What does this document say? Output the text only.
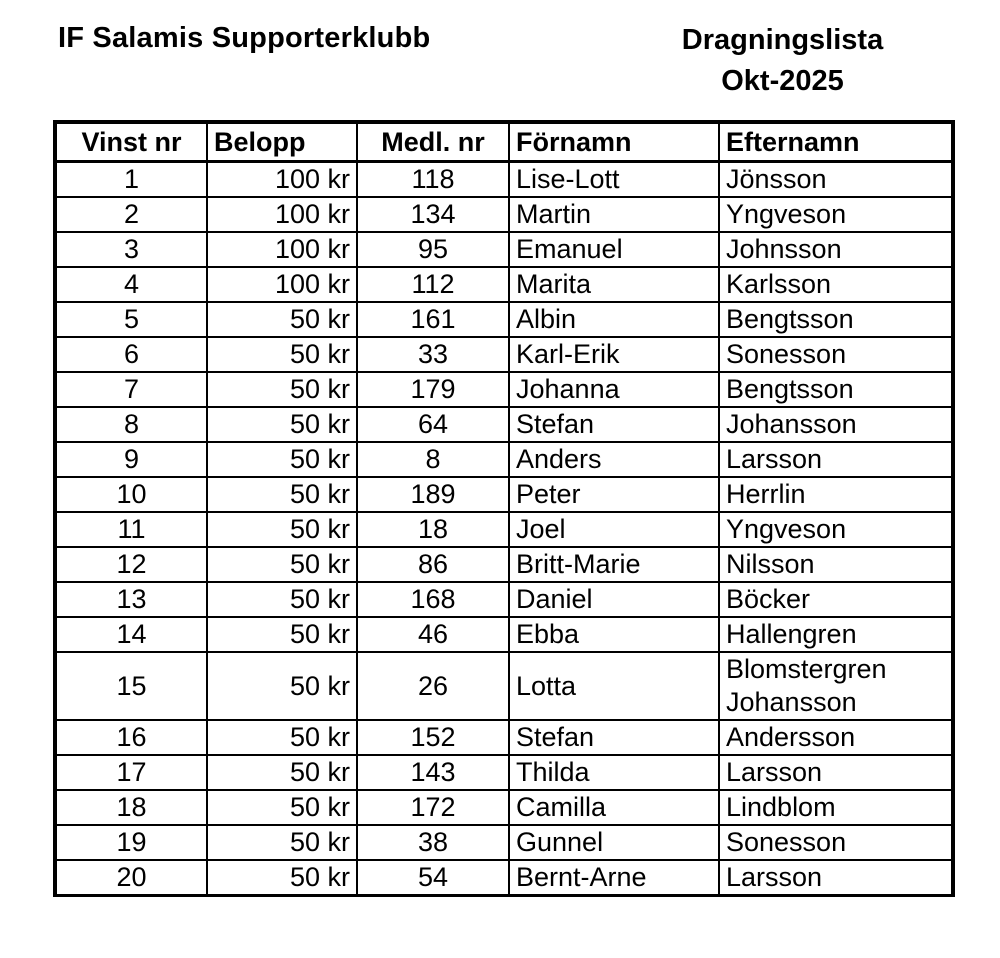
IF Salamis Supporterklubb	Dragningslista
Okt-2025
Vinst nr	Belopp	Medl. nr	Förnamn	Efternamn
1	100 kr	118	Lise-Lott	Jönsson
2	100 kr	134	Martin	Yngveson
3	100 kr	95	Emanuel	Johnsson
4	100 kr	112	Marita	Karlsson
5	50 kr	161	Albin	Bengtsson
6	50 kr	33	Karl-Erik	Sonesson
7	50 kr	179	Johanna	Bengtsson
8	50 kr	64	Stefan	Johansson
9	50 kr	8	Anders	Larsson
10	50 kr	189	Peter	Herrlin
11	50 kr	18	Joel	Yngveson
12	50 kr	86	Britt-Marie	Nilsson
13	50 kr	168	Daniel	Böcker
14	50 kr	46	Ebba	Hallengren
15	50 kr	26	Lotta	Blomstergren
Johansson

16	50 kr	152	Stefan	Andersson
17	50 kr	143	Thilda	Larsson
18	50 kr	172	Camilla	Lindblom
19	50 kr	38	Gunnel	Sonesson
20	50 kr	54	Bernt-Arne	Larsson
